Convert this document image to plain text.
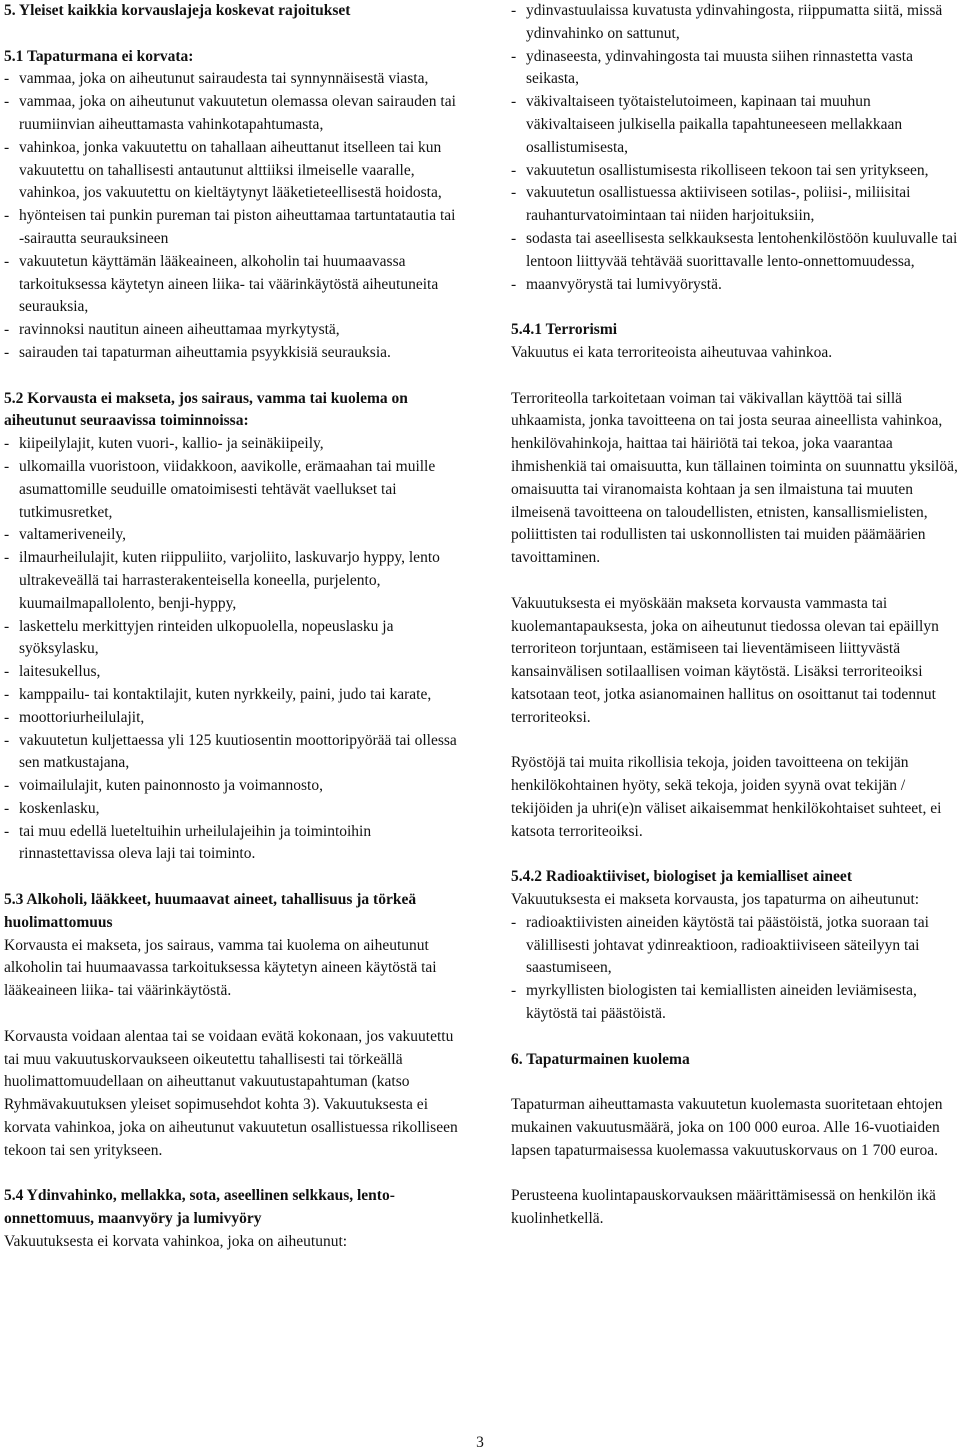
5. Yleiset kaikkia korvauslajeja koskevat rajoitukset
5.1 Tapaturmana ei korvata:
- vammaa, joka on aiheutunut sairaudesta tai synnynnäisestä viasta,
- vammaa, joka on aiheutunut vakuutetun olemassa olevan sairauden tai ruumiinvian aiheuttamasta vahinkotapahtumasta,
- vahinkoa, jonka vakuutettu on tahallaan aiheuttanut itselleen tai kun vakuutettu on tahallisesti antautunut alttiiksi ilmeiselle vaaralle, vahinkoa, jos vakuutettu on kieltäytynyt lääketieteellisestä hoidosta,
- hyönteisen tai punkin pureman tai piston aiheuttamaa tartuntatautia tai -sairautta seurauksineen
- vakuutetun käyttämän lääkeaineen, alkoholin tai huumaavassa tarkoituksessa käytetyn aineen liika- tai väärinkäytöstä aiheutuneita seurauksia,
- ravinnoksi nautitun aineen aiheuttamaa myrkytystä,
- sairauden tai tapaturman aiheuttamia psyykkisiä seurauksia.
5.2 Korvausta ei makseta, jos sairaus, vamma tai kuolema on aiheutunut seuraavissa toiminnoissa:
- kiipeilylajit, kuten vuori-, kallio- ja seinäkiipeily,
- ulkomailla vuoristoon, viidakkoon, aavikolle, erämaahan tai muille asumattomille seuduille omatoimisesti tehtävät vaellukset tai tutkimusretket,
- valtameriveneily,
- ilmaurheilulajit, kuten riippuliito, varjoliito, laskuvarjo hyppy, lento ultrakeveällä tai harrasterakenteisella koneella, purjelento, kuumailmapallolento, benji-hyppy,
- laskettelu merkittyjen rinteiden ulkopuolella, nopeuslasku ja syöksylasku,
- laitesukellus,
- kamppailu- tai kontaktilajit, kuten nyrkkeily, paini, judo tai karate,
- moottoriurheilulajit,
- vakuutetun kuljettaessa yli 125 kuutiosentin moottoripyörää tai ollessa sen matkustajana,
- voimailulajit, kuten painonnosto ja voimannosto,
- koskenlasku,
- tai muu edellä lueteltuihin urheilulajeihin ja toimintoihin rinnastettavissa oleva laji tai toiminto.
5.3 Alkoholi, lääkkeet, huumaavat aineet, tahallisuus ja törkeä huolimattomuus

Korvausta ei makseta, jos sairaus, vamma tai kuolema on aiheutunut alkoholin tai huumaavassa tarkoituksessa käytetyn aineen käytöstä tai lääkeaineen liika- tai väärinkäytöstä.

Korvausta voidaan alentaa tai se voidaan evätä kokonaan, jos vakuutettu tai muu vakuutuskorvaukseen oikeutettu tahallisesti tai törkeällä huolimattomuudellaan on aiheuttanut vakuutustapahtuman (katso Ryhmävakuutuksen yleiset sopimusehdot kohta 3). Vakuutuksesta ei korvata vahinkoa, joka on aiheutunut vakuutetun osallistuessa rikolliseen tekoon tai sen yritykseen.

5.4 Ydinvahinko, mellakka, sota, aseellinen selkkaus, lento-onnettomuus, maanvyöry ja lumivyöry

Vakuutuksesta ei korvata vahinkoa, joka on aiheutunut:

- ydinvastuulaissa kuvatusta ydinvahingosta, riippumatta siitä, missä ydinvahinko on sattunut,
- ydinaseesta, ydinvahingosta tai muusta siihen rinnastetta vasta seikasta,
- väkivaltaiseen työtaistelutoimeen, kapinaan tai muuhun väkivaltaiseen julkisella paikalla tapahtuneeseen mellakkaan osallistumisesta,
- vakuutetun osallistumisesta rikolliseen tekoon tai sen yritykseen,
- vakuutetun osallistuessa aktiiviseen sotilas-, poliisi-, miliisitai rauhanturvatoimintaan tai niiden harjoituksiin,
- sodasta tai aseellisesta selkkauksesta lentohenkilöstöön kuuluvalle tai lentoon liittyvää tehtävää suorittavalle lento-onnettomuudessa,
- maanvyörystä tai lumivyörystä.
5.4.1 Terrorismi

Vakuutus ei kata terroriteoista aiheutuvaa vahinkoa.

Terroriteolla tarkoitetaan voiman tai väkivallan käyttöä tai sillä uhkaamista, jonka tavoitteena on tai josta seuraa aineellista vahinkoa, henkilövahinkoja, haittaa tai häiriötä tai tekoa, joka vaarantaa ihmishenkiä tai omaisuutta, kun tällainen toiminta on suunnattu yksilöä, omaisuutta tai viranomaista kohtaan ja sen ilmaistuna tai muuten ilmeisenä tavoitteena on taloudellisten, etnisten, kansallismielisten, poliittisten tai rodullisten tai uskonnollisten tai muiden päämäärien tavoittaminen.

Vakuutuksesta ei myöskään makseta korvausta vammasta tai kuolemantapauksesta, joka on aiheutunut tiedossa olevan tai epäillyn terroriteon torjuntaan, estämiseen tai lieventämiseen liittyvästä kansainvälisen sotilaallisen voiman käytöstä. Lisäksi terroriteoiksi katsotaan teot, jotka asianomainen hallitus on osoittanut tai todennut terroriteoksi.

Ryöstöjä tai muita rikollisia tekoja, joiden tavoitteena on tekijän henkilökohtainen hyöty, sekä tekoja, joiden syynä ovat tekijän / tekijöiden ja uhri(e)n väliset aikaisemmat henkilökohtaiset suhteet, ei katsota terroriteoiksi.

5.4.2 Radioaktiiviset, biologiset ja kemialliset aineet

Vakuutuksesta ei makseta korvausta, jos tapaturma on aiheutunut:

- radioaktiivisten aineiden käytöstä tai päästöistä, jotka suoraan tai välillisesti johtavat ydinreaktioon, radioaktiiviseen säteilyyn tai saastumiseen,
- myrkyllisten biologisten tai kemiallisten aineiden leviämisesta, käytöstä tai päästöistä.
6. Tapaturmainen kuolema

Tapaturman aiheuttamasta vakuutetun kuolemasta suoritetaan ehtojen mukainen vakuutusmäärä, joka on 100 000 euroa. Alle 16-vuotiaiden lapsen tapaturmaisessa kuolemassa vakuutuskorvaus on 1 700 euroa.

Perusteena kuolintapauskorvauksen määrittämisessä on henkilön ikä kuolinhetkellä.

3
